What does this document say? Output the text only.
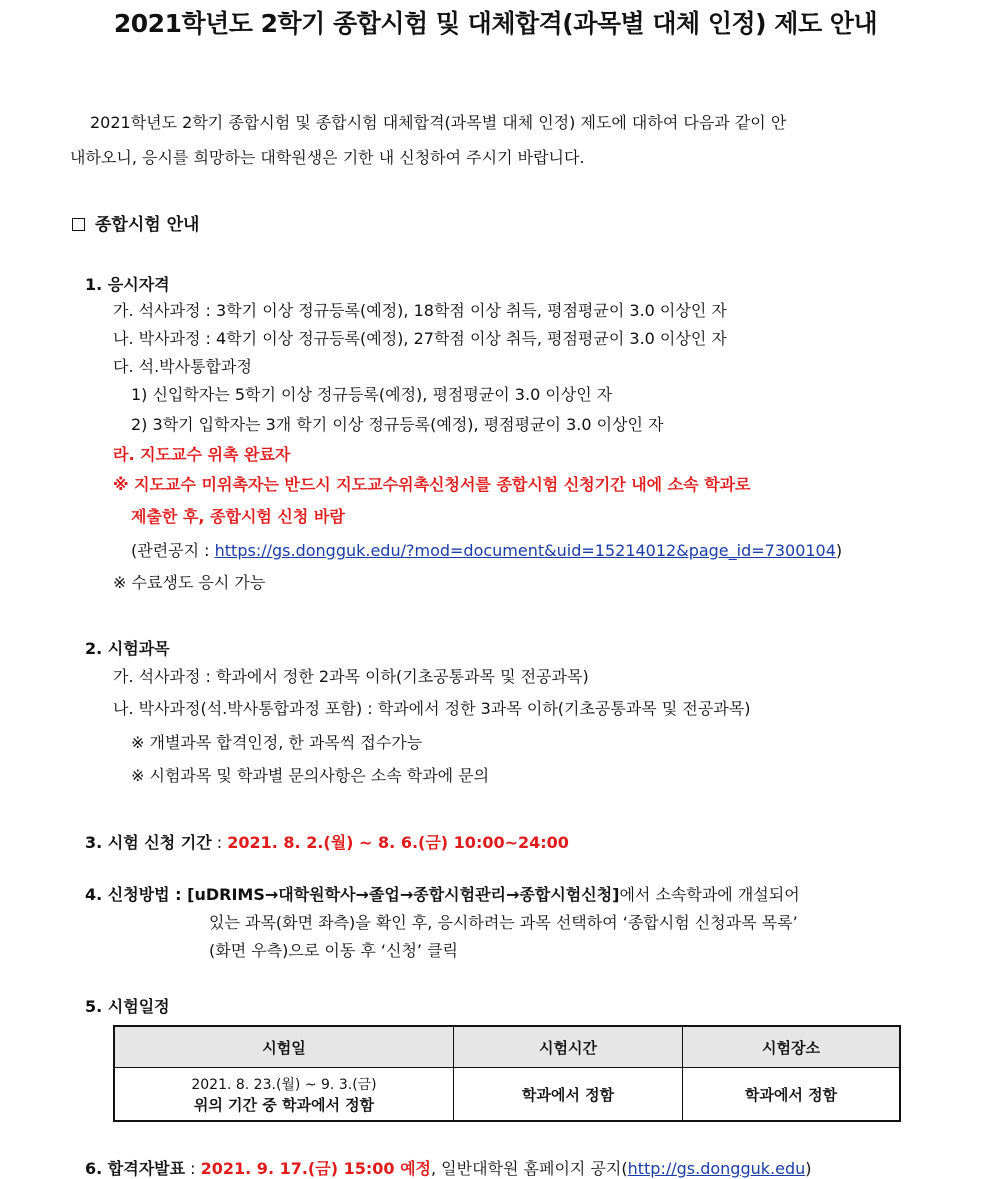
2021학년도 2학기 종합시험 및 대체합격(과목별 대체 인정) 제도 안내
2021학년도 2학기 종합시험 및 종합시험 대체합격(과목별 대체 인정) 제도에 대하여 다음과 같이 안
내하오니, 응시를 희망하는 대학원생은 기한 내 신청하여 주시기 바랍니다.
종합시험 안내
1. 응시자격
가. 석사과정 : 3학기 이상 정규등록(예정), 18학점 이상 취득, 평점평균이 3.0 이상인 자
나. 박사과정 : 4학기 이상 정규등록(예정), 27학점 이상 취득, 평점평균이 3.0 이상인 자
다. 석.박사통합과정
1) 신입학자는 5학기 이상 정규등록(예정), 평점평균이 3.0 이상인 자
2) 3학기 입학자는 3개 학기 이상 정규등록(예정), 평점평균이 3.0 이상인 자
라. 지도교수 위촉 완료자
※ 지도교수 미위촉자는 반드시 지도교수위촉신청서를 종합시험 신청기간 내에 소속 학과로
제출한 후, 종합시험 신청 바람
(관련공지 : https://gs.dongguk.edu/?mod=document&uid=15214012&page_id=7300104)
※ 수료생도 응시 가능
2. 시험과목
가. 석사과정 : 학과에서 정한 2과목 이하(기초공통과목 및 전공과목)
나. 박사과정(석.박사통합과정 포함) : 학과에서 정한 3과목 이하(기초공통과목 및 전공과목)
※ 개별과목 합격인정, 한 과목씩 접수가능
※ 시험과목 및 학과별 문의사항은 소속 학과에 문의
3. 시험 신청 기간 : 2021. 8. 2.(월) ~ 8. 6.(금) 10:00~24:00
4. 신청방법 : [uDRIMS→대학원학사→졸업→종합시험관리→종합시험신청]에서 소속학과에 개설되어
있는 과목(화면 좌측)을 확인 후, 응시하려는 과목 선택하여 ‘종합시험 신청과목 목록’
(화면 우측)으로 이동 후 ‘신청’ 클릭
5. 시험일정
시험일	시험시간	시험장소

2021. 8. 23.(월) ~ 9. 3.(금)
위의 기간 중 학과에서 정함	학과에서 정함	학과에서 정함
6. 합격자발표 : 2021. 9. 17.(금) 15:00 예정, 일반대학원 홈페이지 공지(http://gs.dongguk.edu)
